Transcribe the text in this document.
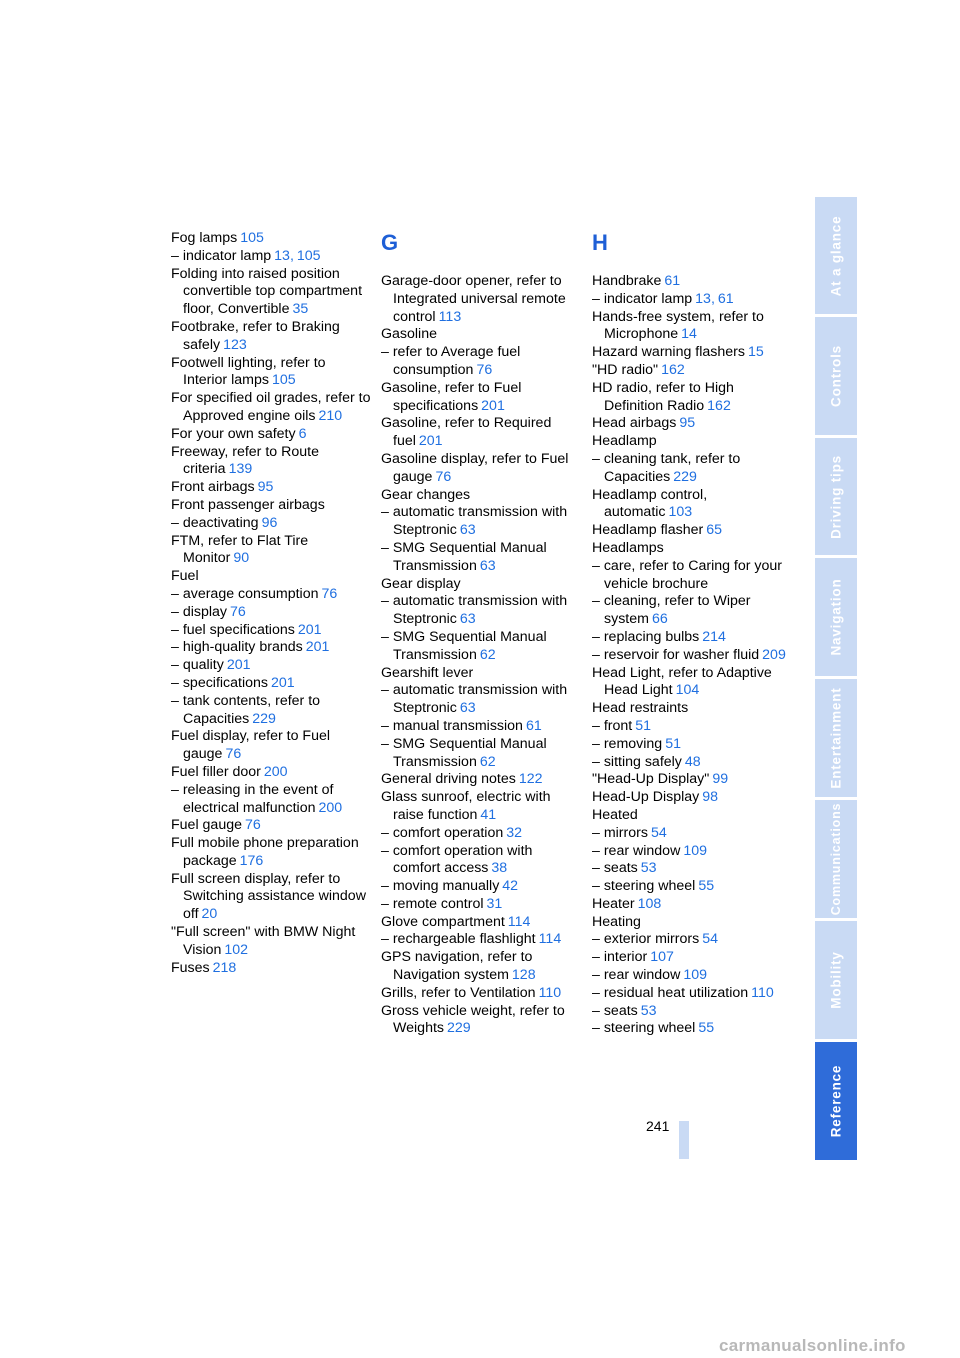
Fog lamps 105
– indicator lamp 13, 105
Folding into raised position convertible top compartment floor, Convertible 35
Footbrake, refer to Braking safely 123
Footwell lighting, refer to Interior lamps 105
For specified oil grades, refer to Approved engine oils 210
For your own safety 6
Freeway, refer to Route criteria 139
Front airbags 95
Front passenger airbags
– deactivating 96
FTM, refer to Flat Tire Monitor 90
Fuel
– average consumption 76
– display 76
– fuel specifications 201
– high-quality brands 201
– quality 201
– specifications 201
– tank contents, refer to Capacities 229
Fuel display, refer to Fuel gauge 76
Fuel filler door 200
– releasing in the event of electrical malfunction 200
Fuel gauge 76
Full mobile phone preparation package 176
Full screen display, refer to Switching assistance window off 20
"Full screen" with BMW Night Vision 102
Fuses 218
G
Garage-door opener, refer to Integrated universal remote control 113
Gasoline
– refer to Average fuel consumption 76
Gasoline, refer to Fuel specifications 201
Gasoline, refer to Required fuel 201
Gasoline display, refer to Fuel gauge 76
Gear changes
– automatic transmission with Steptronic 63
– SMG Sequential Manual Transmission 63
Gear display
– automatic transmission with Steptronic 63
– SMG Sequential Manual Transmission 62
Gearshift lever
– automatic transmission with Steptronic 63
– manual transmission 61
– SMG Sequential Manual Transmission 62
General driving notes 122
Glass sunroof, electric with raise function 41
– comfort operation 32
– comfort operation with comfort access 38
– moving manually 42
– remote control 31
Glove compartment 114
– rechargeable flashlight 114
GPS navigation, refer to Navigation system 128
Grills, refer to Ventilation 110
Gross vehicle weight, refer to Weights 229
H
Handbrake 61
– indicator lamp 13, 61
Hands-free system, refer to Microphone 14
Hazard warning flashers 15
"HD radio" 162
HD radio, refer to High Definition Radio 162
Head airbags 95
Headlamp
– cleaning tank, refer to Capacities 229
Headlamp control, automatic 103
Headlamp flasher 65
Headlamps
– care, refer to Caring for your vehicle brochure
– cleaning, refer to Wiper system 66
– replacing bulbs 214
– reservoir for washer fluid 209
Head Light, refer to Adaptive Head Light 104
Head restraints
– front 51
– removing 51
– sitting safely 48
"Head-Up Display" 99
Head-Up Display 98
Heated
– mirrors 54
– rear window 109
– seats 53
– steering wheel 55
Heater 108
Heating
– exterior mirrors 54
– interior 107
– rear window 109
– residual heat utilization 110
– seats 53
– steering wheel 55
At a glance
Controls
Driving tips
Navigation
Entertainment
Communications
Mobility
Reference
241
carmanualsonline.info
